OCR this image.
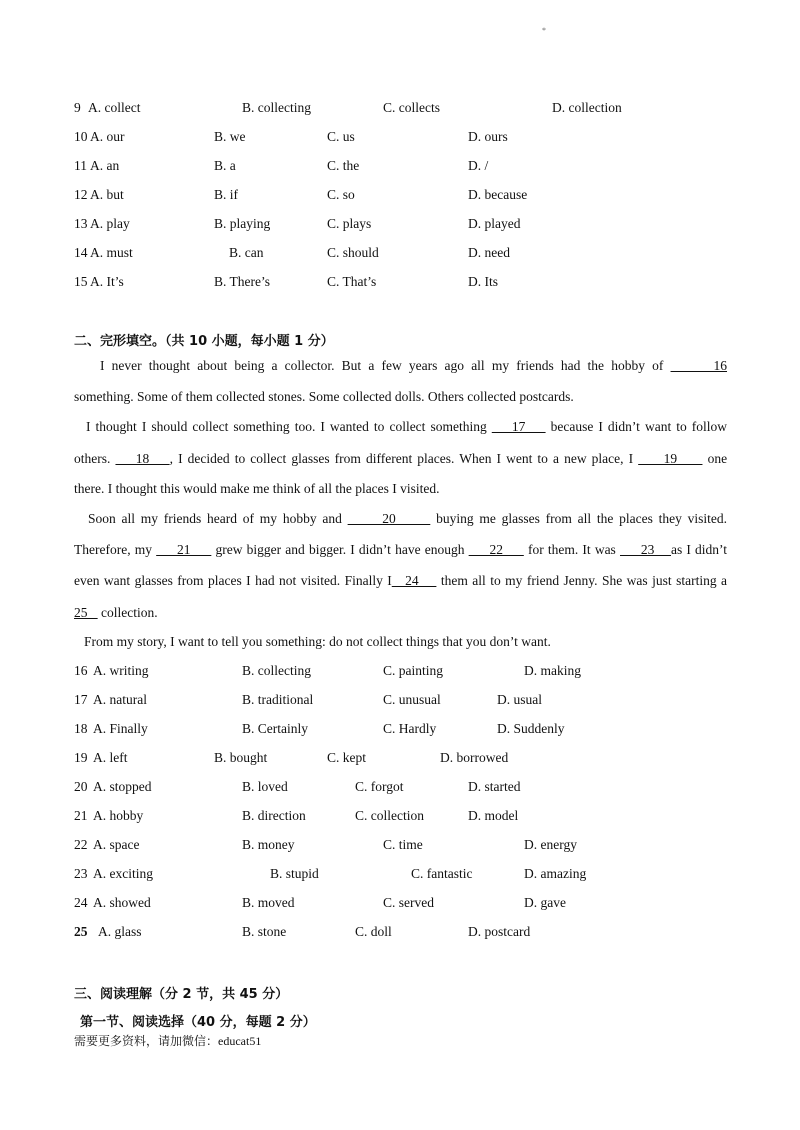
*
9 A. collect	B. collecting	C. collects	D. collection
10 A. our	B. we	C. us	D. ours
11 A. an	B. a	C. the	D. /
12 A. but	B. if	C. so	D. because
13 A. play	B. playing	C. plays	D. played
14 A. must	B. can	C. should	D. need
15 A. It’s	B. There’s	C. That’s	D. Its
二、完形填空。（共 10 小题，每小题 1 分）
I never thought about being a collector. But a few years ago all my friends had the hobby of       16
something. Some of them collected stones. Some collected dolls. Others collected postcards.
I thought I should collect something too. I wanted to collect something     17     because I didn’t want to follow
others.     18    , I decided to collect glasses from different places. When I went to a new place, I      19      one
there. I thought this would make me think of all the places I visited.
Soon all my friends heard of my hobby and       20       buying me glasses from all the places they visited.
Therefore, my      21      grew bigger and bigger. I didn’t have enough      22      for them. It was      23    as I didn’t
even want glasses from places I had not visited. Finally I   24     them all to my friend Jenny. She was just starting a
25    collection.
From my story, I want to tell you something: do not collect things that you don’t want.
16 A. writing	B. collecting	C. painting	D. making
17 A. natural	B. traditional	C. unusual	D. usual
18 A. Finally	B. Certainly	C. Hardly	D. Suddenly
19 A. left	B. bought	C. kept	D. borrowed
20 A. stopped	B. loved	C. forgot	D. started
21 A. hobby	B. direction	C. collection	D. model
22 A. space	B. money	C. time	D. energy
23 A. exciting	B. stupid	C. fantastic	D. amazing
24 A. showed	B. moved	C. served	D. gave
25 A. glass	B. stone	C. doll	D. postcard
三、阅读理解（分 2 节，共 45 分）
第一节、阅读选择（40 分，每题 2 分）
需要更多资料，请加微信：educat51
